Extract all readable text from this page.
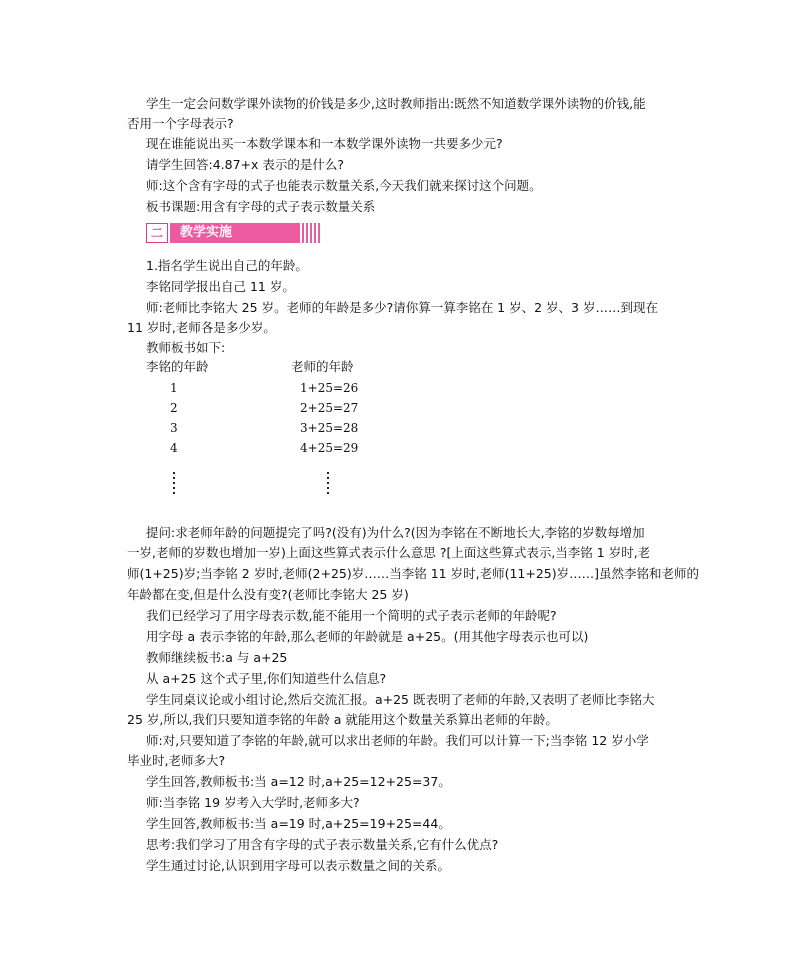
学生一定会问数学课外读物的价钱是多少,这时教师指出:既然不知道数学课外读物的价钱,能
否用一个字母表示?
现在谁能说出买一本数学课本和一本数学课外读物一共要多少元?
请学生回答:4.87+x 表示的是什么?
师:这个含有字母的式子也能表示数量关系,今天我们就来探讨这个问题。
板书课题:用含有字母的式子表示数量关系
二	教学实施
1.指名学生说出自己的年龄。
李铭同学报出自己 11 岁。
师:老师比李铭大 25 岁。老师的年龄是多少?请你算一算李铭在 1 岁、2 岁、3 岁……到现在
11 岁时,老师各是多少岁。
教师板书如下:
李铭的年龄	老师的年龄
1	1+25=26
2	2+25=27
3	3+25=28
4	4+25=29
提问:求老师年龄的问题提完了吗?(没有)为什么?(因为李铭在不断地长大,李铭的岁数每增加
一岁,老师的岁数也增加一岁)上面这些算式表示什么意思 ?[上面这些算式表示,当李铭 1 岁时,老
师(1+25)岁;当李铭 2 岁时,老师(2+25)岁……当李铭 11 岁时,老师(11+25)岁……]虽然李铭和老师的
年龄都在变,但是什么没有变?(老师比李铭大 25 岁)
我们已经学习了用字母表示数,能不能用一个简明的式子表示老师的年龄呢?
用字母 a 表示李铭的年龄,那么老师的年龄就是 a+25。(用其他字母表示也可以)
教师继续板书:a 与 a+25
从 a+25 这个式子里,你们知道些什么信息?
学生同桌议论或小组讨论,然后交流汇报。a+25 既表明了老师的年龄,又表明了老师比李铭大
25 岁,所以,我们只要知道李铭的年龄 a 就能用这个数量关系算出老师的年龄。
师:对,只要知道了李铭的年龄,就可以求出老师的年龄。我们可以计算一下;当李铭 12 岁小学
毕业时,老师多大?
学生回答,教师板书:当 a=12 时,a+25=12+25=37。
师:当李铭 19 岁考入大学时,老师多大?
学生回答,教师板书:当 a=19 时,a+25=19+25=44。
思考:我们学习了用含有字母的式子表示数量关系,它有什么优点?
学生通过讨论,认识到用字母可以表示数量之间的关系。
